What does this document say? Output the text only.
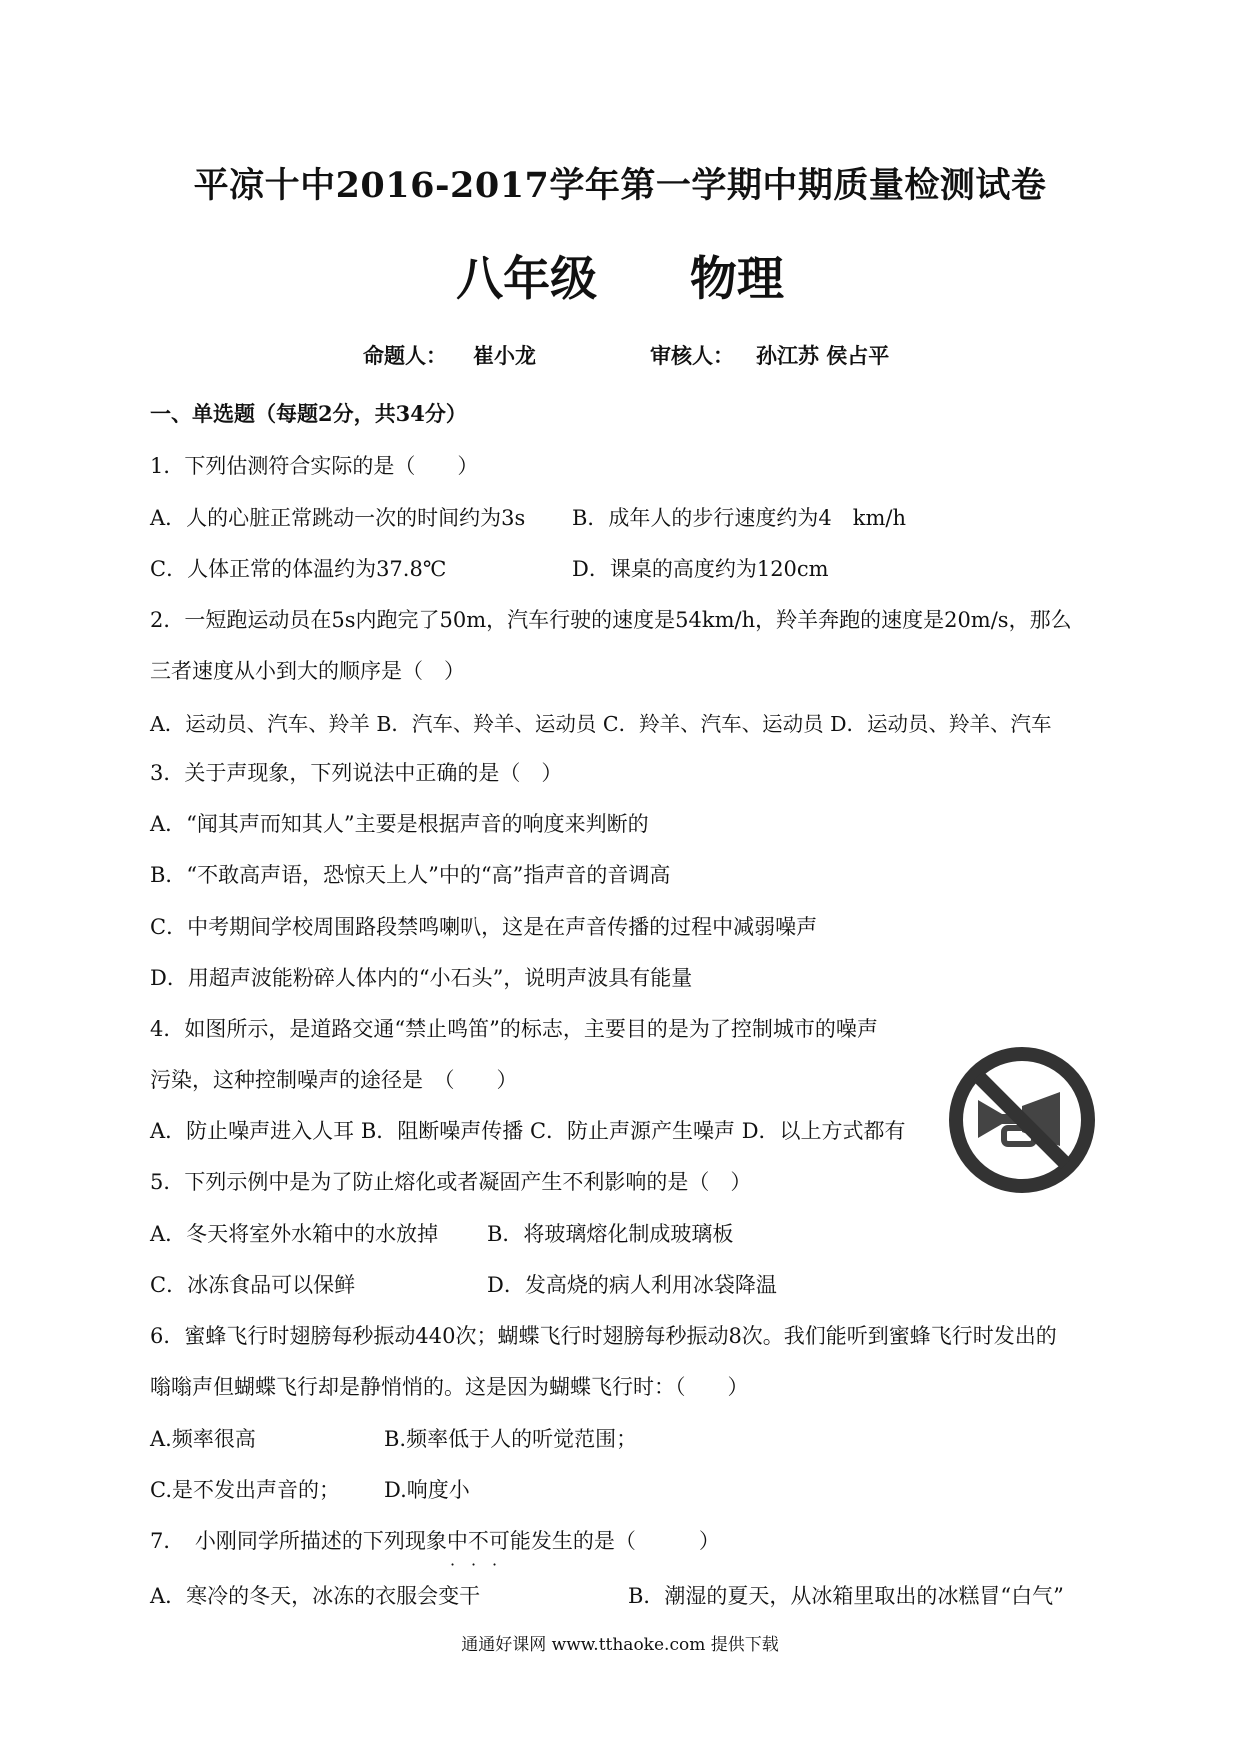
平凉十中2016-2017学年第一学期中期质量检测试卷
八年级 物理
命题人： 崔小龙	审核人： 孙江苏 侯占平
一、单选题（每题2分，共34分）
1．下列估测符合实际的是（　　）
A．人的心脏正常跳动一次的时间约为3s B．成年人的步行速度约为4　km/h
C．人体正常的体温约为37.8℃	D．课桌的高度约为120cm
2．一短跑运动员在5s内跑完了50m，汽车行驶的速度是54km/h，羚羊奔跑的速度是20m/s，那么
三者速度从小到大的顺序是（　）
A．运动员、汽车、羚羊 B．汽车、羚羊、运动员 C．羚羊、汽车、运动员 D．运动员、羚羊、汽车
3．关于声现象，下列说法中正确的是（　）
A．“闻其声而知其人”主要是根据声音的响度来判断的
B．“不敢高声语，恐惊天上人”中的“高”指声音的音调高
C．中考期间学校周围路段禁鸣喇叭，这是在声音传播的过程中减弱噪声
D．用超声波能粉碎人体内的“小石头”，说明声波具有能量
4．如图所示，是道路交通“禁止鸣笛”的标志，主要目的是为了控制城市的噪声
污染，这种控制噪声的途径是　（　　）
A．防止噪声进入人耳 B．阻断噪声传播 C．防止声源产生噪声 D．以上方式都有
5．下列示例中是为了防止熔化或者凝固产生不利影响的是（　）
A．冬天将室外水箱中的水放掉 B．将玻璃熔化制成玻璃板
C．冰冻食品可以保鲜	D．发高烧的病人利用冰袋降温
6．蜜蜂飞行时翅膀每秒振动440次；蝴蝶飞行时翅膀每秒振动8次。我们能听到蜜蜂飞行时发出的
嗡嗡声但蝴蝶飞行却是静悄悄的。这是因为蝴蝶飞行时：（　　）
A.频率很高	B.频率低于人的听觉范围；
C.是不发出声音的； D.响度小
7．　小刚同学所描述的下列现象中不可能发生的是（　　　）
· · ·
A．寒冷的冬天，冰冻的衣服会变干	B．潮湿的夏天，从冰箱里取出的冰糕冒“白气”
通通好课网 www.tthaoke.com 提供下载
